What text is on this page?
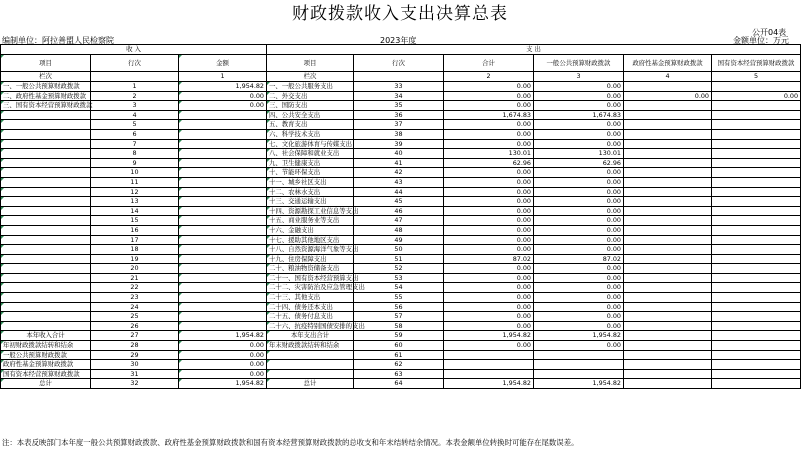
财政拨款收入支出决算总表
公开04表
编制单位：阿拉善盟人民检察院	2023年度	金额单位：万元
收 入			支 出					
项目	行次	金额	项目	行次	合计	一般公共预算财政拨款	政府性基金预算财政拨款	国有资本经营预算财政拨款
栏次		1	栏次		2	3	4	5
一、一般公共预算财政拨款	1	1,954.82	一、一般公共服务支出	33	0.00	0.00		
二、政府性基金预算财政拨款	2	0.00	二、外交支出	34	0.00	0.00	0.00	0.00
三、国有资本经营预算财政拨款	3	0.00	三、国防支出	35	0.00	0.00		
	4		四、公共安全支出	36	1,674.83	1,674.83		
	5		五、教育支出	37	0.00	0.00		
	6		六、科学技术支出	38	0.00	0.00		
	7		七、文化旅游体育与传媒支出	39	0.00	0.00		
	8		八、社会保障和就业支出	40	130.01	130.01		
	9		九、卫生健康支出	41	62.96	62.96		
	10		十、节能环保支出	42	0.00	0.00		
	11		十一、城乡社区支出	43	0.00	0.00		
	12		十二、农林水支出	44	0.00	0.00		
	13		十三、交通运输支出	45	0.00	0.00		
	14		十四、资源勘探工业信息等支出	46	0.00	0.00		
	15		十五、商业服务业等支出	47	0.00	0.00		
	16		十六、金融支出	48	0.00	0.00		
	17		十七、援助其他地区支出	49	0.00	0.00		
	18		十八、自然资源海洋气象等支出	50	0.00	0.00		
	19		十九、住房保障支出	51	87.02	87.02		
	20		二十、粮油物资储备支出	52	0.00	0.00		
	21		二十一、国有资本经营预算支出	53	0.00	0.00		
	22		二十二、灾害防治及应急管理支出	54	0.00	0.00		
	23		二十三、其他支出	55	0.00	0.00		
	24		二十四、债务还本支出	56	0.00	0.00		
	25		二十五、债务付息支出	57	0.00	0.00		
	26		二十六、抗疫特别国债安排的支出	58	0.00	0.00		
本年收入合计	27	1,954.82	本年支出合计	59	1,954.82	1,954.82		
年初财政拨款结转和结余	28	0.00	年末财政拨款结转和结余	60	0.00	0.00		
一般公共预算财政拨款	29	0.00		61				
政府性基金预算财政拨款	30	0.00		62				
国有资本经营预算财政拨款	31	0.00		63				
总计	32	1,954.82	总计	64	1,954.82	1,954.82		
注：本表反映部门本年度一般公共预算财政拨款、政府性基金预算财政拨款和国有资本经营预算财政拨款的总收支和年末结转结余情况。本表金额单位转换时可能存在尾数误差。
